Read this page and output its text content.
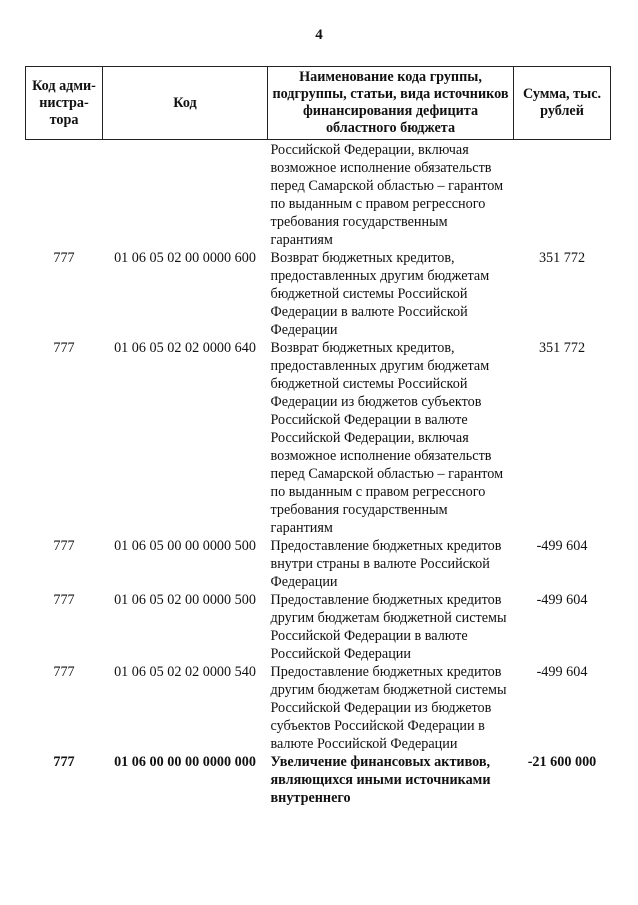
4
Код адми-нистра-тора	Код	Наименование кода группы, подгруппы, статьи, вида источников финансирования дефицита областного бюджета	Сумма, тыс. рублей
		Российской Федерации, включая возможное исполнение обязательств перед Самарской областью – гарантом по выданным с правом регрессного требования государственным гарантиям	
777	01 06 05 02 00 0000 600	Возврат бюджетных кредитов, предоставленных другим бюджетам бюджетной системы Российской Федерации в валюте Российской Федерации	351 772
777	01 06 05 02 02 0000 640	Возврат бюджетных кредитов, предоставленных другим бюджетам бюджетной системы Российской Федерации из бюджетов субъектов Российской Федерации в валюте Российской Федерации, включая возможное исполнение обязательств перед Самарской областью – гарантом по выданным с правом регрессного требования государственным гарантиям	351 772
777	01 06 05 00 00 0000 500	Предоставление бюджетных кредитов внутри страны в валюте Российской Федерации	-499 604
777	01 06 05 02 00 0000 500	Предоставление бюджетных кредитов другим бюджетам бюджетной системы Российской Федерации в валюте Российской Федерации	-499 604
777	01 06 05 02 02 0000 540	Предоставление бюджетных кредитов другим бюджетам бюджетной системы Российской Федерации из бюджетов субъектов Российской Федерации в валюте Российской Федерации	-499 604
777	01 06 00 00 00 0000 000	Увеличение финансовых активов, являющихся иными источниками внутреннего	-21 600 000
